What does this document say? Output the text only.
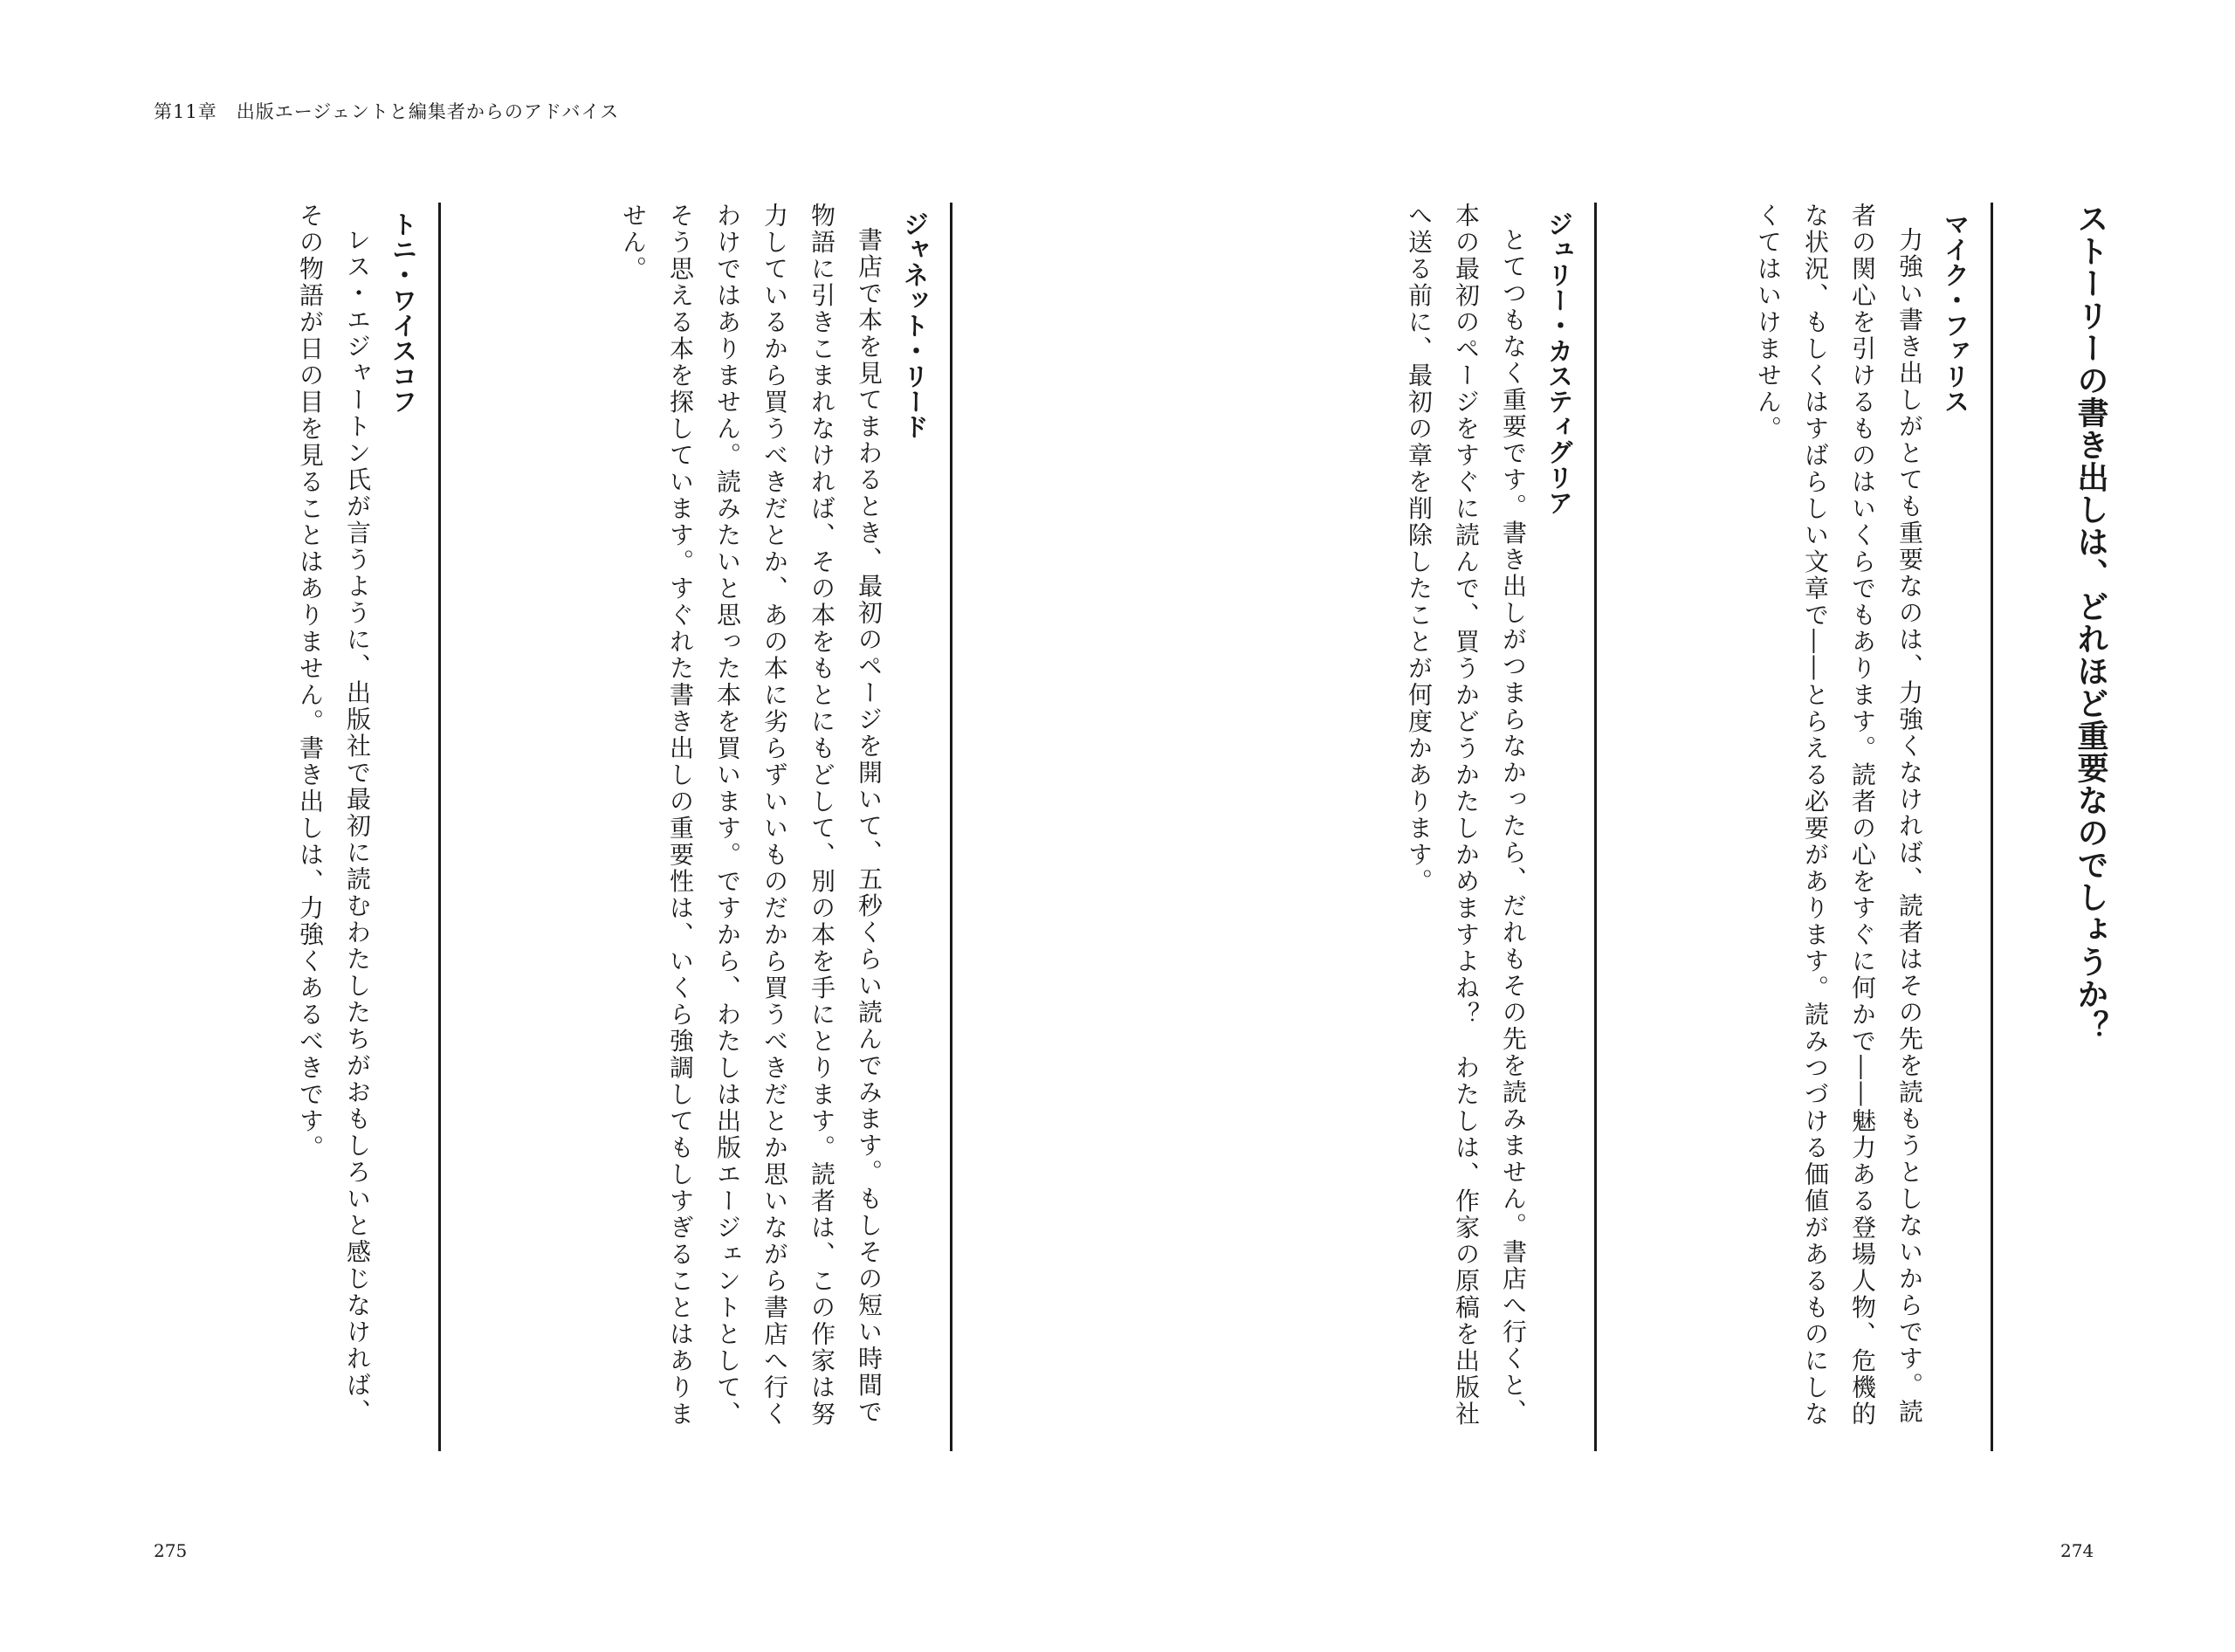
第11章　出版エージェントと編集者からのアドバイス
ストーリーの書き出しは、どれほど重要なのでしょうか？
マイク・ファリス

力強い書き出しがとても重要なのは、力強くなければ、読者はその先を読もうとしないからです。読者の関心を引けるものはいくらでもあります。読者の心をすぐに何かで――魅力ある登場人物、危機的な状況、もしくはすばらしい文章で――とらえる必要があります。読みつづける価値があるものにしなくてはいけません。

ジュリー・カスティグリア

とてつもなく重要です。書き出しがつまらなかったら、だれもその先を読みません。書店へ行くと、本の最初のページをすぐに読んで、買うかどうかたしかめますよね？　わたしは、作家の原稿を出版社へ送る前に、最初の章を削除したことが何度かあります。

ジャネット・リード

書店で本を見てまわるとき、最初のページを開いて、五秒くらい読んでみます。もしその短い時間で物語に引きこまれなければ、その本をもとにもどして、別の本を手にとります。読者は、この作家は努力しているから買うべきだとか、あの本に劣らずいいものだから買うべきだとか思いながら書店へ行くわけではありません。読みたいと思った本を買います。ですから、わたしは出版エージェントとして、そう思える本を探しています。すぐれた書き出しの重要性は、いくら強調してもしすぎることはありません。

トニ・ワイスコフ

レス・エジャートン氏が言うように、出版社で最初に読むわたしたちがおもしろいと感じなければ、その物語が日の目を見ることはありません。書き出しは、力強くあるべきです。

275	274
